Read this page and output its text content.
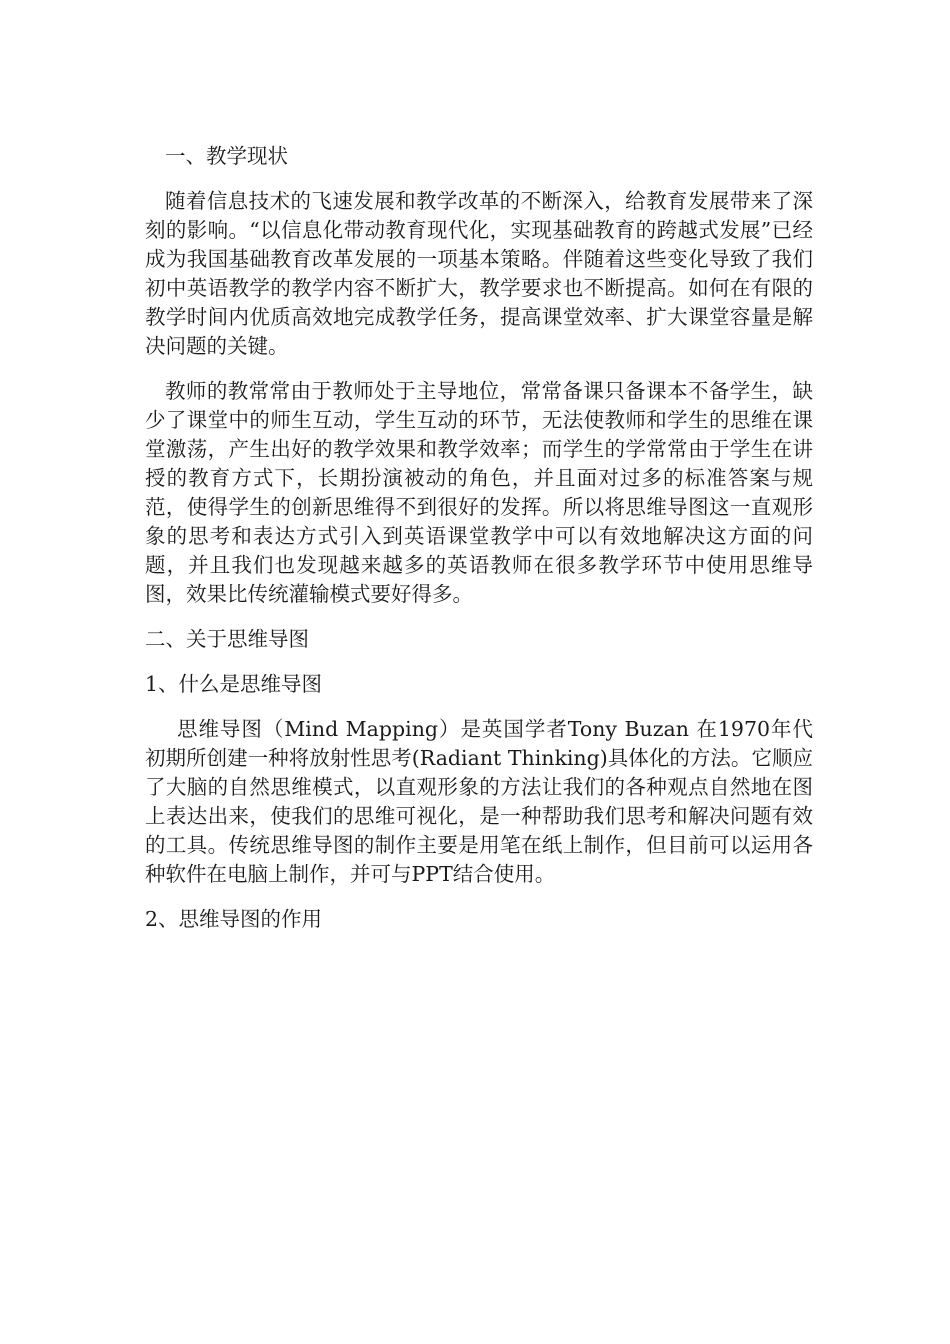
一、教学现状

随着信息技术的飞速发展和教学改革的不断深入，给教育发展带来了深刻的影响。“以信息化带动教育现代化，实现基础教育的跨越式发展”已经成为我国基础教育改革发展的一项基本策略。伴随着这些变化导致了我们初中英语教学的教学内容不断扩大，教学要求也不断提高。如何在有限的教学时间内优质高效地完成教学任务，提高课堂效率、扩大课堂容量是解决问题的关键。

教师的教常常由于教师处于主导地位，常常备课只备课本不备学生，缺少了课堂中的师生互动，学生互动的环节，无法使教师和学生的思维在课堂激荡，产生出好的教学效果和教学效率；而学生的学常常由于学生在讲授的教育方式下，长期扮演被动的角色，并且面对过多的标准答案与规范，使得学生的创新思维得不到很好的发挥。所以将思维导图这一直观形象的思考和表达方式引入到英语课堂教学中可以有效地解决这方面的问题，并且我们也发现越来越多的英语教师在很多教学环节中使用思维导图，效果比传统灌输模式要好得多。

二、关于思维导图
1、什么是思维导图

思维导图（Mind Mapping）是英国学者Tony Buzan 在1970年代初期所创建一种将放射性思考(Radiant Thinking)具体化的方法。它顺应了大脑的自然思维模式，以直观形象的方法让我们的各种观点自然地在图上表达出来，使我们的思维可视化，是一种帮助我们思考和解决问题有效的工具。传统思维导图的制作主要是用笔在纸上制作，但目前可以运用各种软件在电脑上制作，并可与PPT结合使用。

2、思维导图的作用
